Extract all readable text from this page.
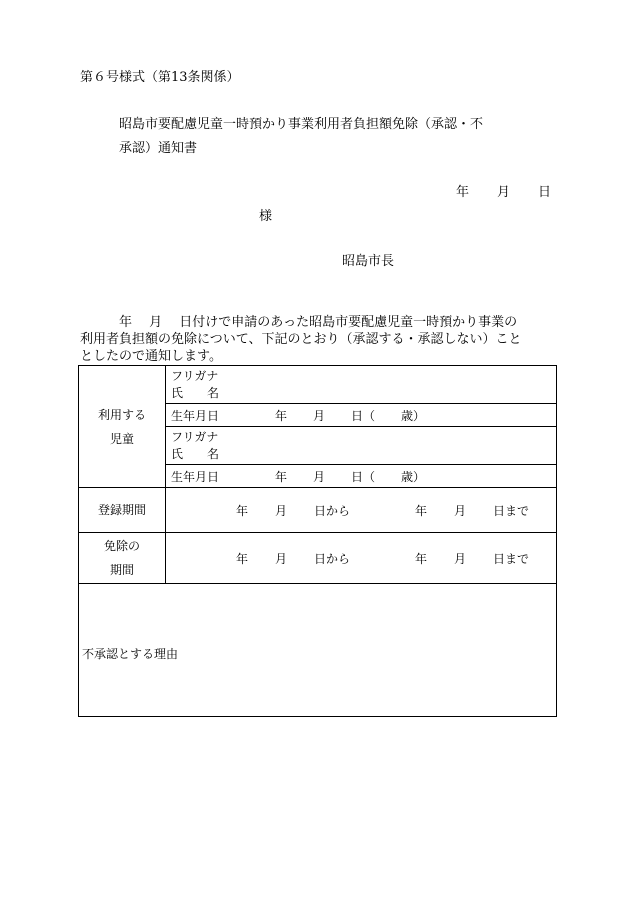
第６号様式（第13条関係）
昭島市要配慮児童一時預かり事業利用者負担額免除（承認・不
承認）通知書
年 月 日
様
昭島市長
　　　年　 月　 日付けで申請のあった昭島市要配慮児童一時預かり事業の
利用者負担額の免除について、下記のとおり（承認する・承認しない）こと
としたので通知します。
利用する
児童	フリガナ
氏　　名

	生年月日 年 月 日（ 歳）

	フリガナ
氏　　名

	生年月日 年 月 日（ 歳）
登録期間	年 月 日から 年 月 日まで

免除の
期間	年 月 日から 年 月 日まで

不承認とする理由	
